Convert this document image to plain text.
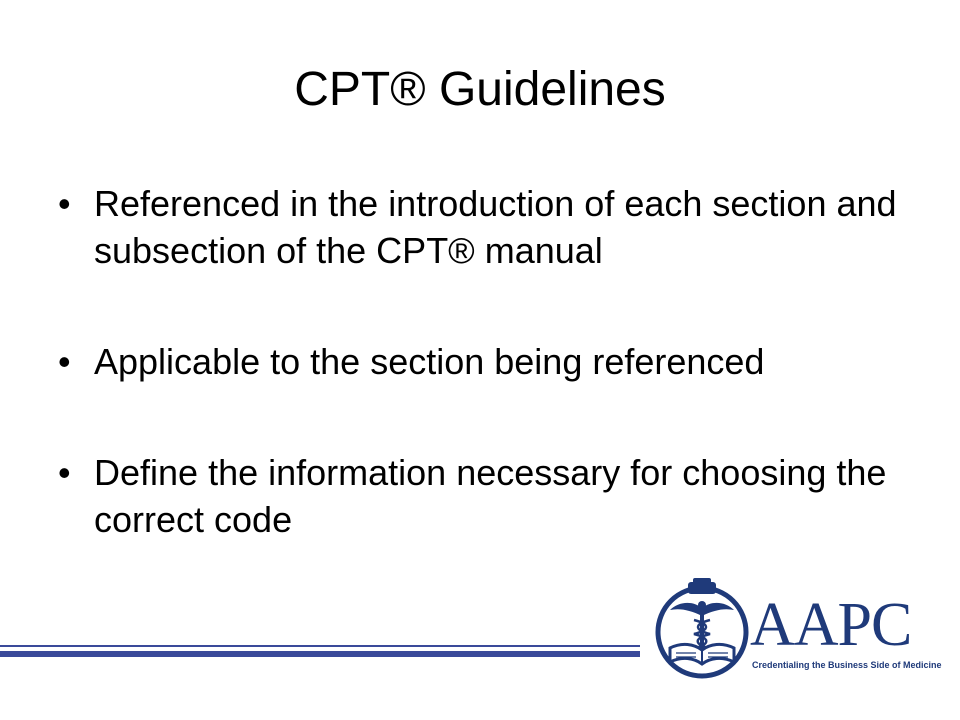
CPT® Guidelines
• Referenced in the introduction of each section and subsection of the CPT® manual
• Applicable to the section being referenced
• Define the information necessary for choosing the correct code
AAPC
Credentialing the Business Side of Medicine
